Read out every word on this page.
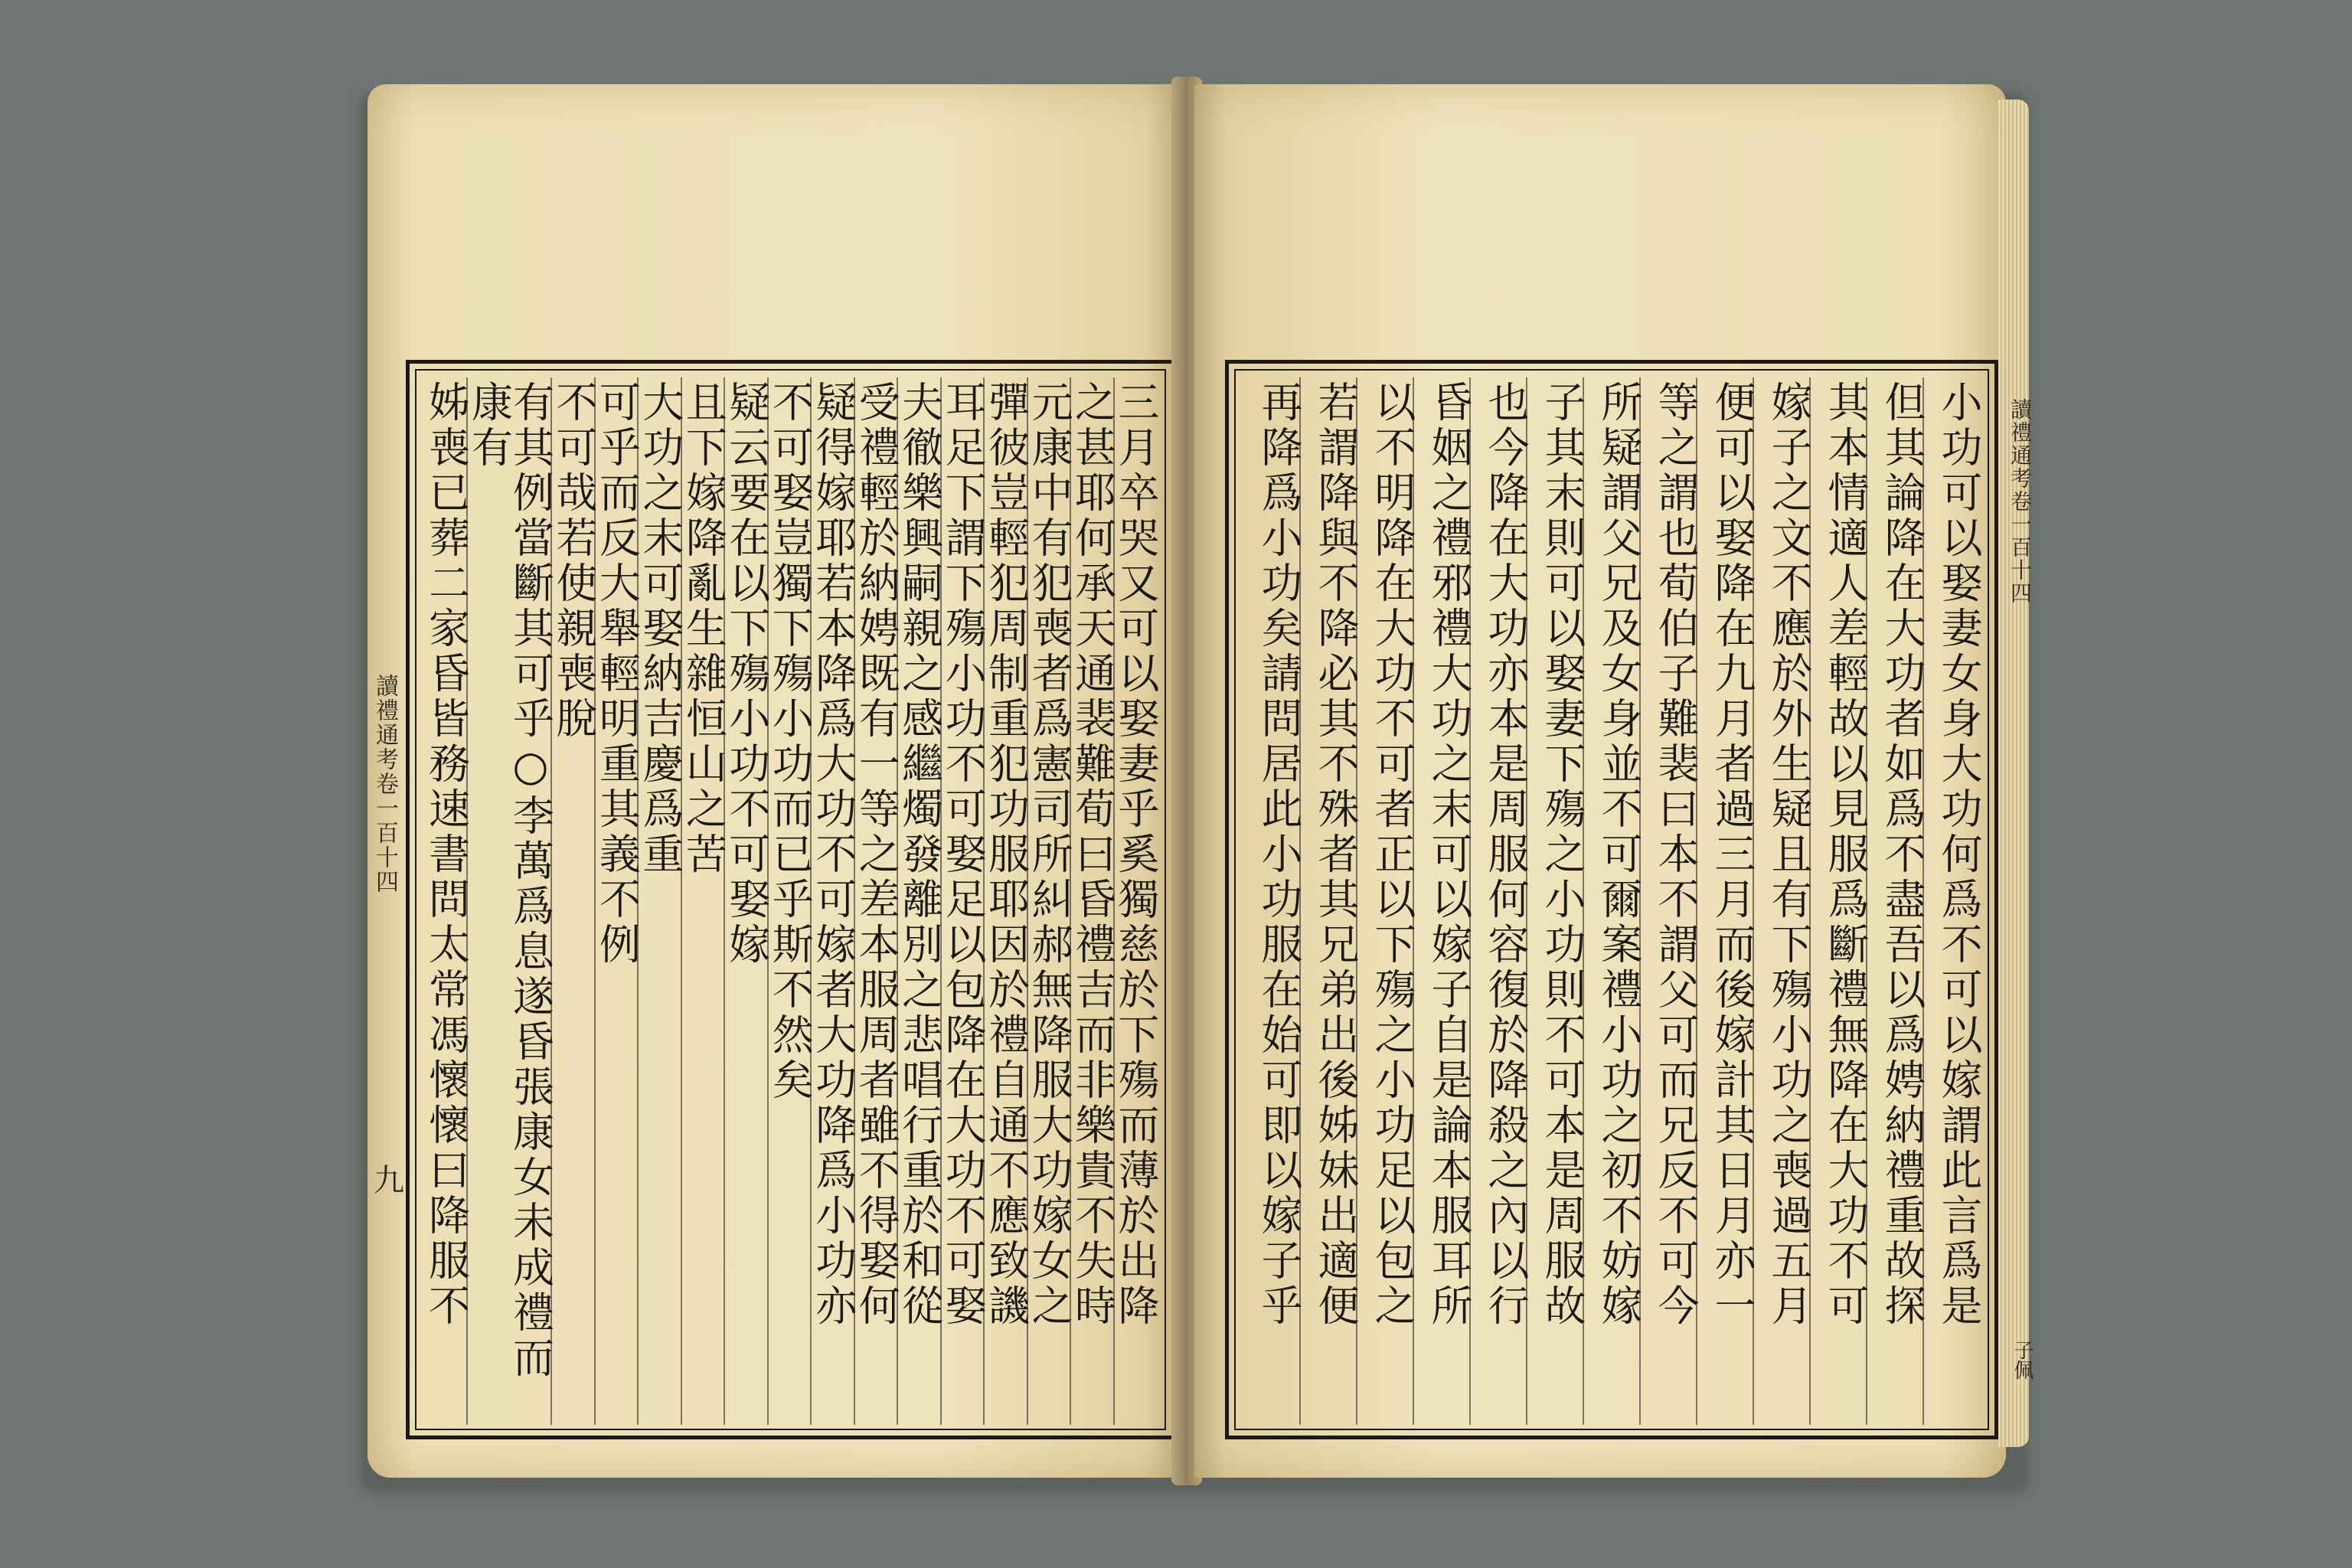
讀禮通考卷一百十四
九	三月卒哭又可以娶妻乎奚獨慈於下殤而薄於出降
之甚耶何承天通裴難荀曰昏禮吉而非樂貴不失時
元康中有犯喪者爲憲司所糾郝無降服大功嫁女之
彈彼豈輕犯周制重犯功服耶因於禮自通不應致譏
耳足下謂下殤小功不可娶足以包降在大功不可娶
夫徹樂興嗣親之感繼燭發離別之悲唱行重於和從
受禮輕於納娉既有一等之差本服周者雖不得娶何
疑得嫁耶若本降爲大功不可嫁者大功降爲小功亦
不可娶豈獨下殤小功而已乎斯不然矣
疑云要在以下殤小功不可娶嫁
且下嫁降亂生雜恒山之苦
大功之末可娶納吉慶爲重
可乎而反大舉輕明重其義不例
不可哉若使親喪脫
有其例當斷其可乎○李萬爲息遂昏張康女未成禮而康有
姊喪已葬二家昏皆務速書問太常馮懷懷曰降服不	讀禮通考卷一百十四
子佩
小功可以娶妻女身大功何爲不可以嫁謂此言爲是
但其論降在大功者如爲不盡吾以爲娉納禮重故探
其本情適人差輕故以見服爲斷禮無降在大功不可
嫁子之文不應於外生疑且有下殤小功之喪過五月
便可以娶降在九月者過三月而後嫁計其日月亦一
等之謂也荀伯子難裴曰本不謂父可而兄反不可今
所疑謂父兄及女身並不可爾案禮小功之初不妨嫁
子其末則可以娶妻下殤之小功則不可本是周服故
也今降在大功亦本是周服何容復於降殺之內以行
昏姻之禮邪禮大功之末可以嫁子自是論本服耳所
以不明降在大功不可者正以下殤之小功足以包之
若謂降與不降必其不殊者其兄弟出後姊妹出適便
再降爲小功矣請問居此小功服在始可即以嫁子乎
